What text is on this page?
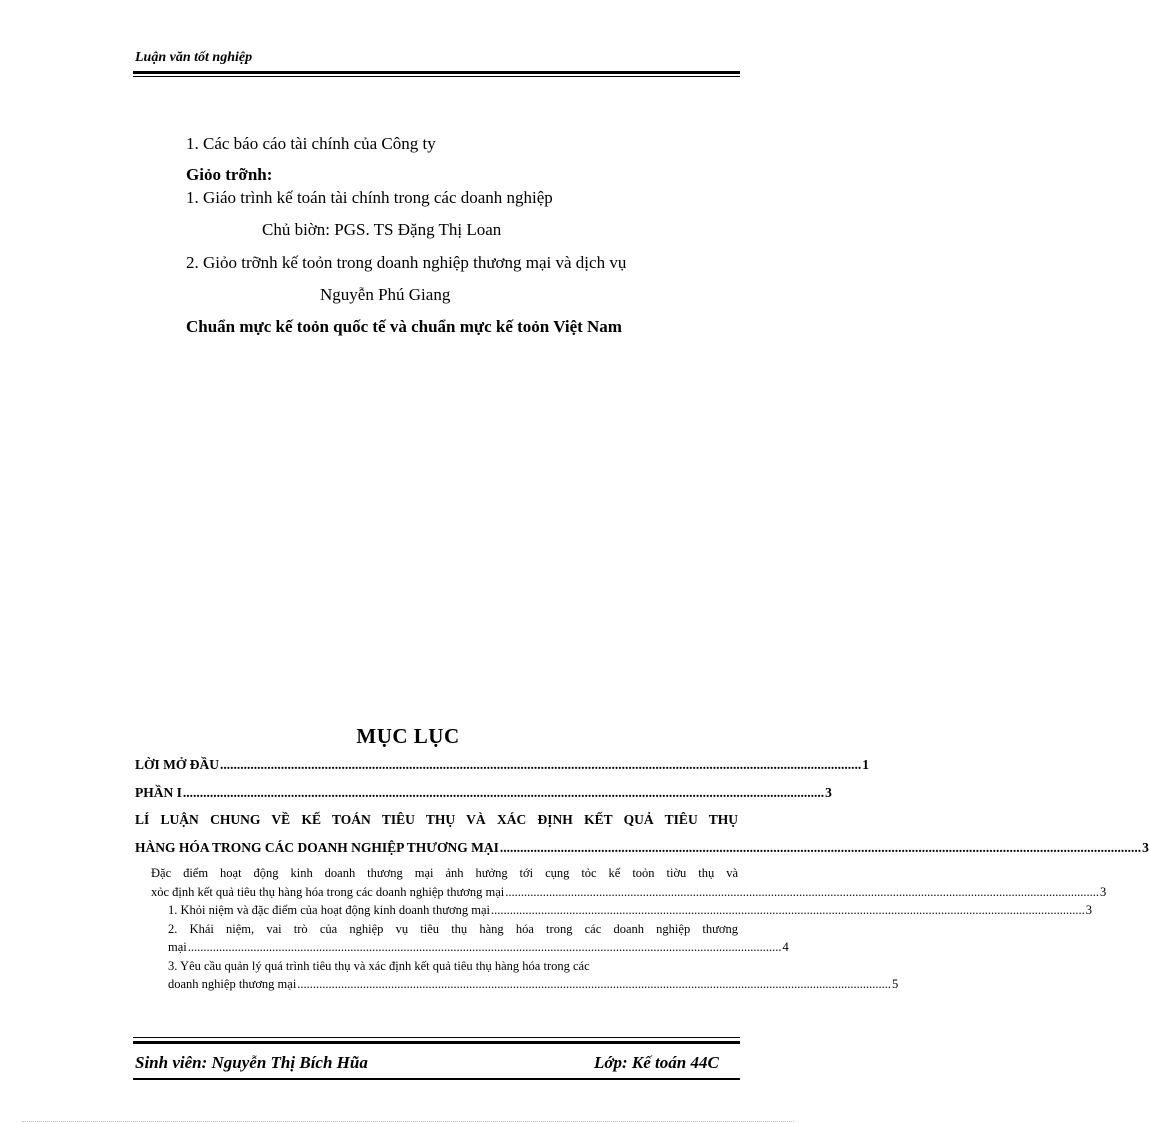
Luận văn tốt nghiệp
1. Các báo cáo tài chính của Công ty
Giỏo trỡnh:
1. Giáo trình kế toán tài chính trong các doanh nghiệp
Chủ biờn: PGS. TS Đặng Thị Loan
2. Giỏo trỡnh kế toỏn trong doanh nghiệp thương mại và dịch vụ
Nguyễn Phú Giang
Chuẩn mực kế toỏn quốc tế và chuẩn mực kế toỏn Việt Nam
MỤC LỤC
LỜI MỞ ĐẦU .............................................................................................................................................................................................. 1
PHẦN I .............................................................................................................................................................................................. 3
LÍ LUẬN CHUNG VỀ KẾ TOÁN TIÊU THỤ VÀ XÁC ĐỊNH KẾT QUẢ TIÊU THỤ
HÀNG HÓA TRONG CÁC DOANH NGHIỆP THƯƠNG MẠI .............................................................................................................................................................................................. 3
Đặc điểm hoạt động kinh doanh thương mại ảnh hưởng tới cụng tỏc kế toỏn tiờu thụ và
xỏc định kết quả tiêu thụ hàng hóa trong các doanh nghiệp thương mại .............................................................................................................................................................................................. 3
1. Khỏi niệm và đặc điểm của hoạt động kinh doanh thương mại .............................................................................................................................................................................................. 3
2. Khái niệm, vai trò của nghiệp vụ tiêu thụ hàng hóa trong các doanh nghiệp thương
mại .............................................................................................................................................................................................. 4
3. Yêu cầu quản lý quá trình tiêu thụ và xác định kết quả tiêu thụ hàng hóa trong các
doanh nghiệp thương mại .............................................................................................................................................................................................. 5
Sinh viên: Nguyễn Thị Bích Hũa	Lớp: Kế toán 44C
